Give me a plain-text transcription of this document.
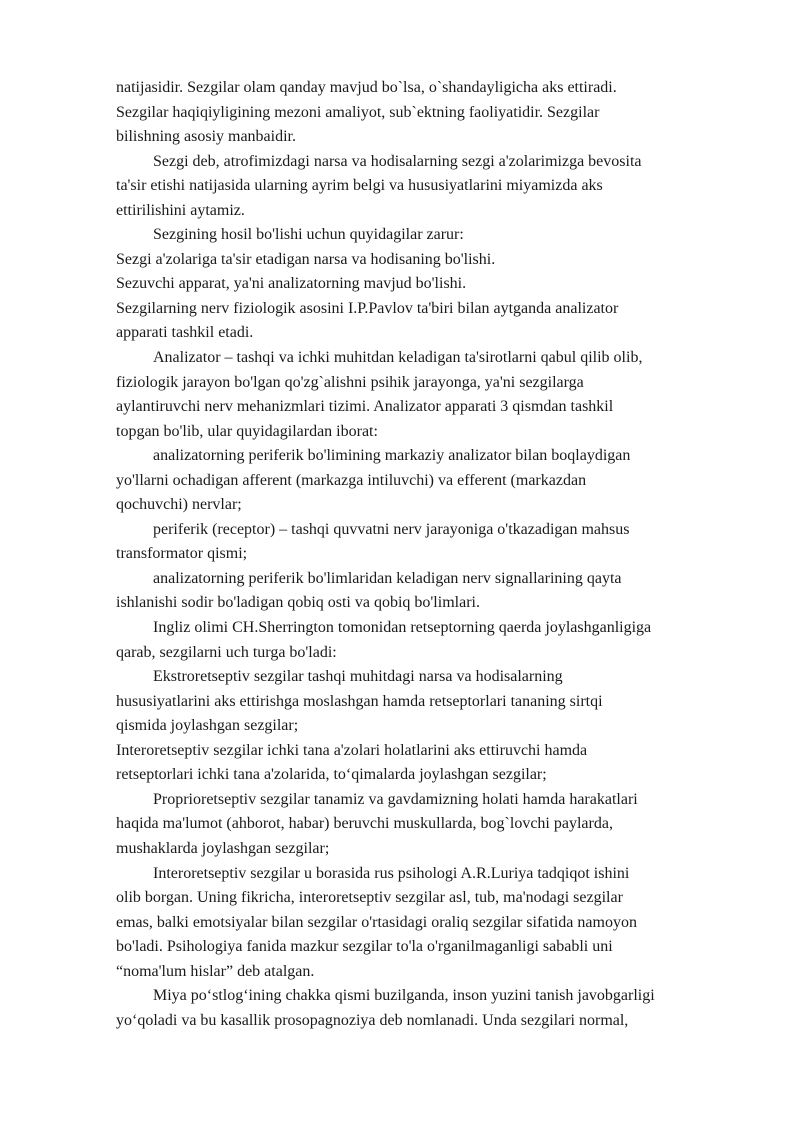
natijasidir. Sezgilar olam qanday mavjud bo`lsa, o`shandayligicha aks ettiradi.
Sezgilar haqiqiyligining mezoni amaliyot, sub`ektning faoliyatidir. Sezgilar
bilishning asosiy manbaidir.
Sezgi deb, atrofimizdagi narsa va hodisalarning sezgi a'zolarimizga bevosita
ta'sir etishi natijasida ularning ayrim belgi va hususiyatlarini miyamizda aks
ettirilishini aytamiz.
Sezgining hosil bo'lishi uchun quyidagilar zarur:
Sezgi a'zolariga ta'sir etadigan narsa va hodisaning bo'lishi.
Sezuvchi apparat, ya'ni analizatorning mavjud bo'lishi.
Sezgilarning nerv fiziologik asosini I.P.Pavlov ta'biri bilan aytganda analizator
apparati tashkil etadi.
Analizator – tashqi va ichki muhitdan keladigan ta'sirotlarni qabul qilib olib,
fiziologik jarayon bo'lgan qo'zg`alishni psihik jarayonga, ya'ni sezgilarga
aylantiruvchi nerv mehanizmlari tizimi. Analizator apparati 3 qismdan tashkil
topgan bo'lib, ular quyidagilardan iborat:
analizatorning periferik bo'limining markaziy analizator bilan boqlaydigan
yo'llarni ochadigan afferent (markazga intiluvchi) va efferent (markazdan
qochuvchi) nervlar;
periferik (receptor) – tashqi quvvatni nerv jarayoniga o'tkazadigan mahsus
transformator qismi;
analizatorning periferik bo'limlaridan keladigan nerv signallarining qayta
ishlanishi sodir bo'ladigan qobiq osti va qobiq bo'limlari.
Ingliz olimi CH.Sherrington tomonidan retseptorning qaerda joylashganligiga
qarab, sezgilarni uch turga bo'ladi:
Ekstroretseptiv sezgilar tashqi muhitdagi narsa va hodisalarning
hususiyatlarini aks ettirishga moslashgan hamda retseptorlari tananing sirtqi
qismida joylashgan sezgilar;
Interoretseptiv sezgilar ichki tana a'zolari holatlarini aks ettiruvchi hamda
retseptorlari ichki tana a'zolarida, to‘qimalarda joylashgan sezgilar;
Proprioretseptiv sezgilar tanamiz va gavdamizning holati hamda harakatlari
haqida ma'lumot (ahborot, habar) beruvchi muskullarda, bog`lovchi paylarda,
mushaklarda joylashgan sezgilar;
Interoretseptiv sezgilar u borasida rus psihologi A.R.Luriya tadqiqot ishini
olib borgan. Uning fikricha, interoretseptiv sezgilar asl, tub, ma'nodagi sezgilar
emas, balki emotsiyalar bilan sezgilar o'rtasidagi oraliq sezgilar sifatida namoyon
bo'ladi. Psihologiya fanida mazkur sezgilar to'la o'rganilmaganligi sababli uni
“noma'lum hislar” deb atalgan.
Miya po‘stlog‘ining chakka qismi buzilganda, inson yuzini tanish javobgarligi
yo‘qoladi va bu kasallik prosopagnoziya deb nomlanadi. Unda sezgilari normal,
